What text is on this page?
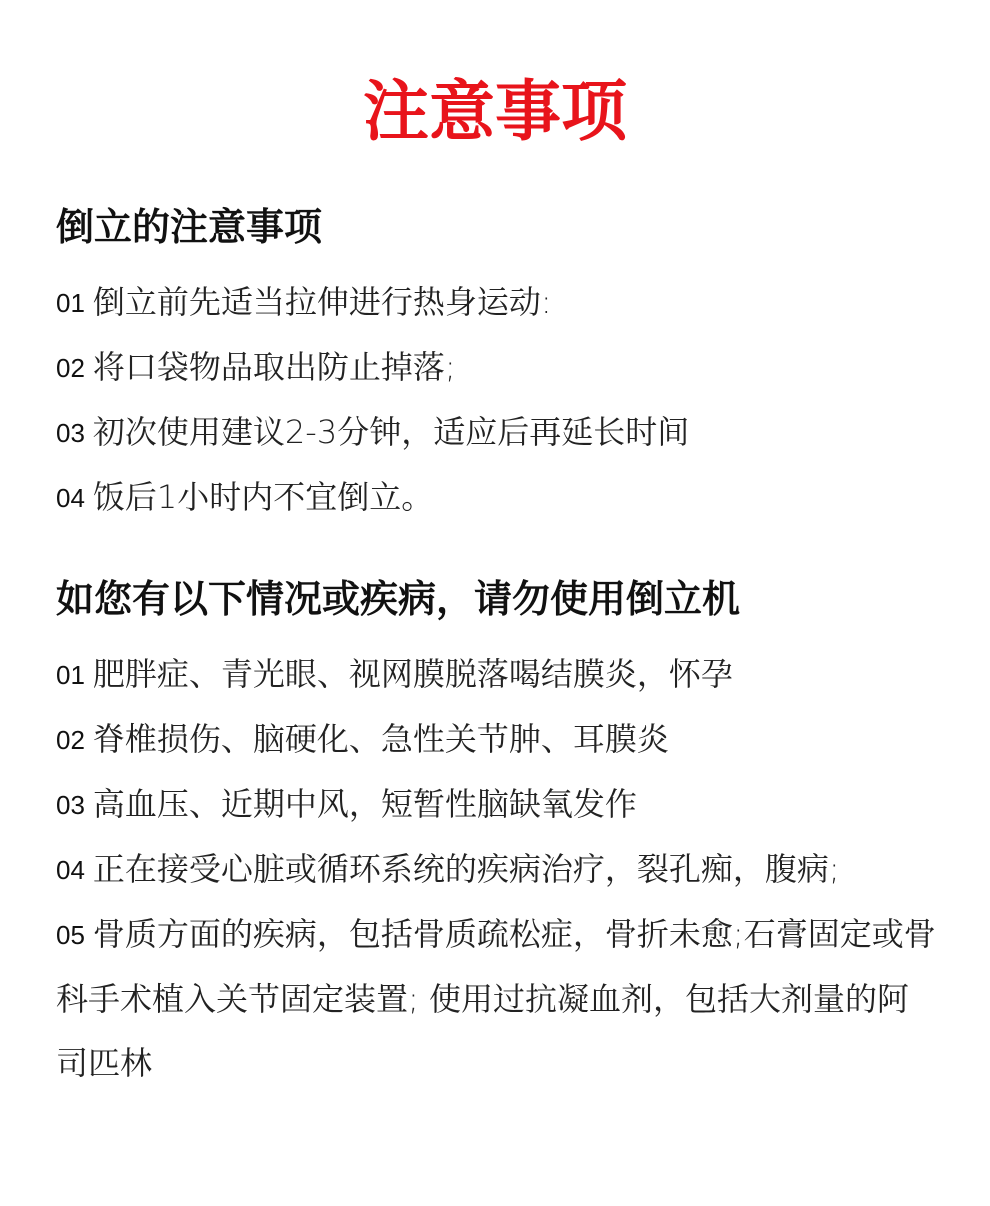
注意事项
倒立的注意事项
01 倒立前先适当拉伸进行热身运动:
02 将口袋物品取出防止掉落;
03 初次使用建议2-3分钟，适应后再延长时间
04 饭后1小时内不宜倒立。
如您有以下情况或疾病，请勿使用倒立机
01 肥胖症、青光眼、视网膜脱落喝结膜炎，怀孕
02 脊椎损伤、脑硬化、急性关节肿、耳膜炎
03 高血压、近期中风，短暂性脑缺氧发作
04 正在接受心脏或循环系统的疾病治疗，裂孔痴，腹病;
05 骨质方面的疾病，包括骨质疏松症，骨折未愈;石膏固定或骨科手术植入关节固定装置; 使用过抗凝血剂，包括大剂量的阿司匹林
